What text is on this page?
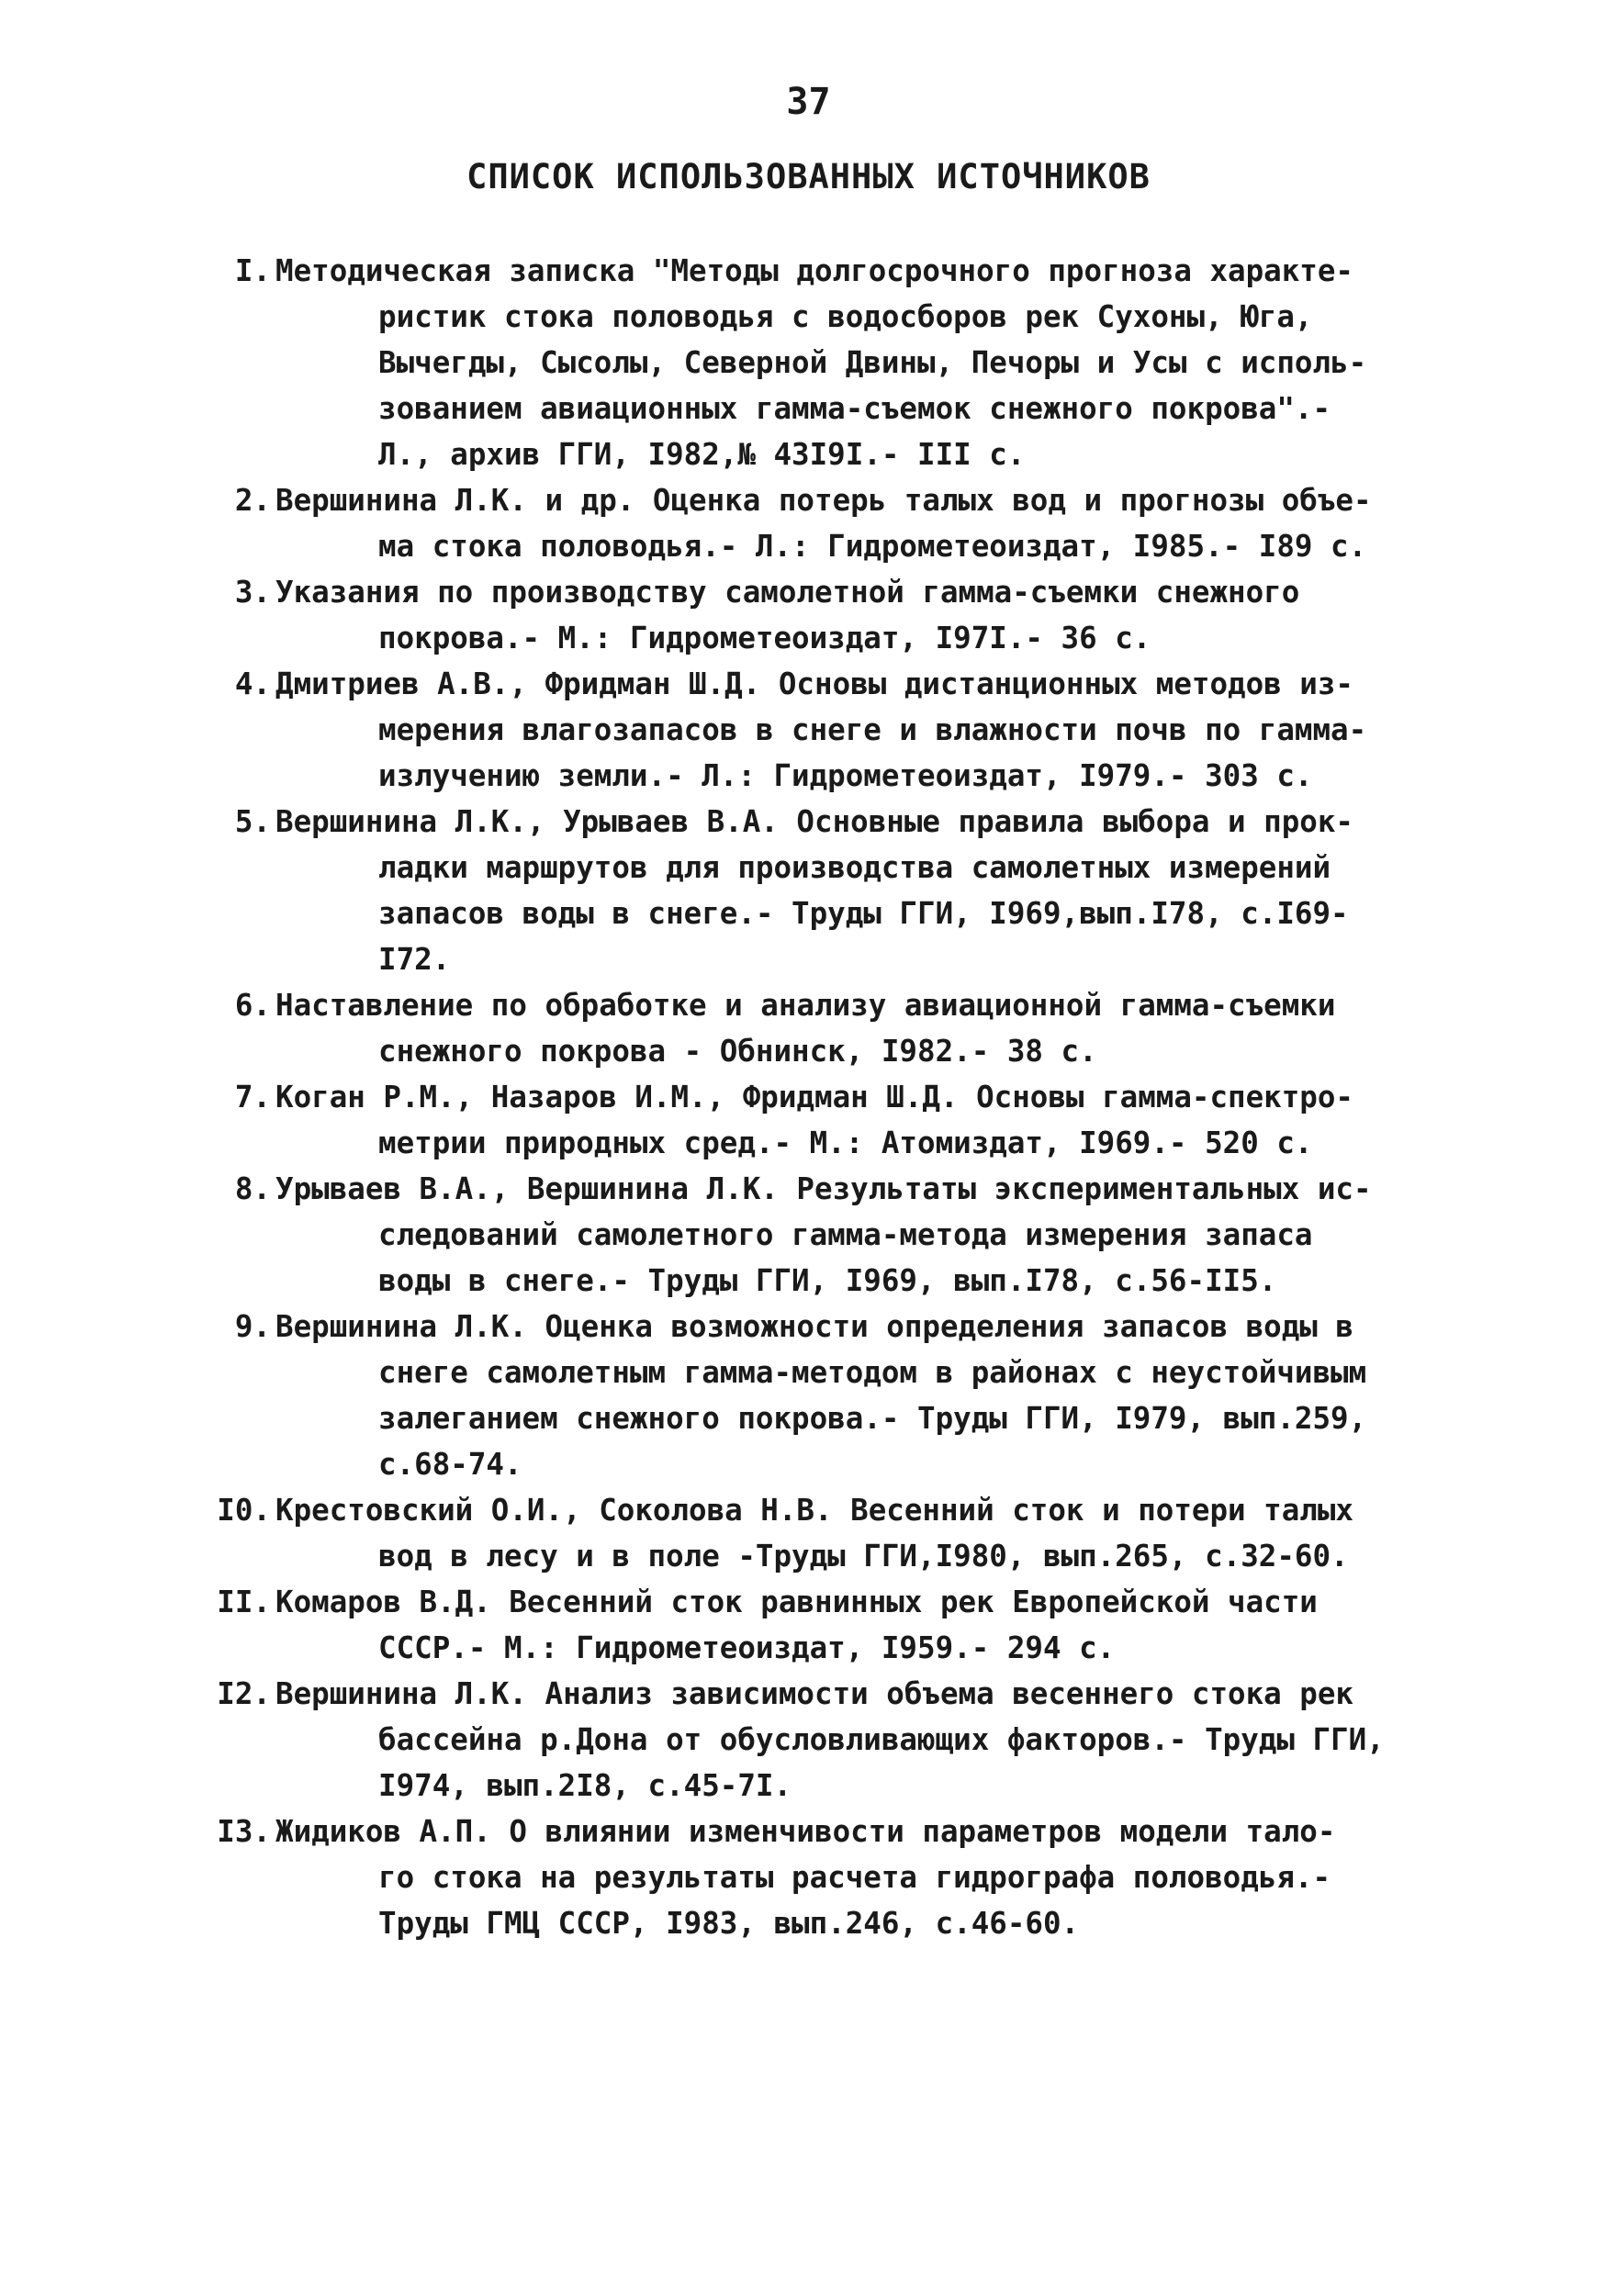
37
СПИСОК ИСПОЛЬЗОВАННЫХ ИСТОЧНИКОВ
I. Методическая записка "Методы долгосрочного прогноза характе-
ристик стока половодья с водосборов рек Сухоны, Юга,
Вычегды, Сысолы, Северной Двины, Печоры и Усы с исполь-
зованием авиационных гамма-съемок снежного покрова".-
Л., архив ГГИ, I982,№ 43I9I.- III с.
2. Вершинина Л.К. и др. Оценка потерь талых вод и прогнозы объе-
ма стока половодья.- Л.: Гидрометеоиздат, I985.- I89 с.
3. Указания по производству самолетной гамма-съемки снежного
покрова.- М.: Гидрометеоиздат, I97I.- 36 с.
4. Дмитриев А.В., Фридман Ш.Д. Основы дистанционных методов из-
мерения влагозапасов в снеге и влажности почв по гамма-
излучению земли.- Л.: Гидрометеоиздат, I979.- 303 с.
5. Вершинина Л.К., Урываев В.А. Основные правила выбора и прок-
ладки маршрутов для производства самолетных измерений
запасов воды в снеге.- Труды ГГИ, I969,вып.I78, с.I69-
I72.
6. Наставление по обработке и анализу авиационной гамма-съемки
снежного покрова - Обнинск, I982.- 38 с.
7. Коган Р.М., Назаров И.М., Фридман Ш.Д. Основы гамма-спектро-
метрии природных сред.- М.: Атомиздат, I969.- 520 с.
8. Урываев В.А., Вершинина Л.К. Результаты экспериментальных ис-
следований самолетного гамма-метода измерения запаса
воды в снеге.- Труды ГГИ, I969, вып.I78, с.56-II5.
9. Вершинина Л.К. Оценка возможности определения запасов воды в
снеге самолетным гамма-методом в районах с неустойчивым
залеганием снежного покрова.- Труды ГГИ, I979, вып.259,
с.68-74.
I0. Крестовский О.И., Соколова Н.В. Весенний сток и потери талых
вод в лесу и в поле -Труды ГГИ,I980, вып.265, с.32-60.
II. Комаров В.Д. Весенний сток равнинных рек Европейской части
СССР.- М.: Гидрометеоиздат, I959.- 294 с.
I2. Вершинина Л.К. Анализ зависимости объема весеннего стока рек
бассейна р.Дона от обусловливающих факторов.- Труды ГГИ,
I974, вып.2I8, с.45-7I.
I3. Жидиков А.П. О влиянии изменчивости параметров модели тало-
го стока на результаты расчета гидрографа половодья.-
Труды ГМЦ СССР, I983, вып.246, с.46-60.
